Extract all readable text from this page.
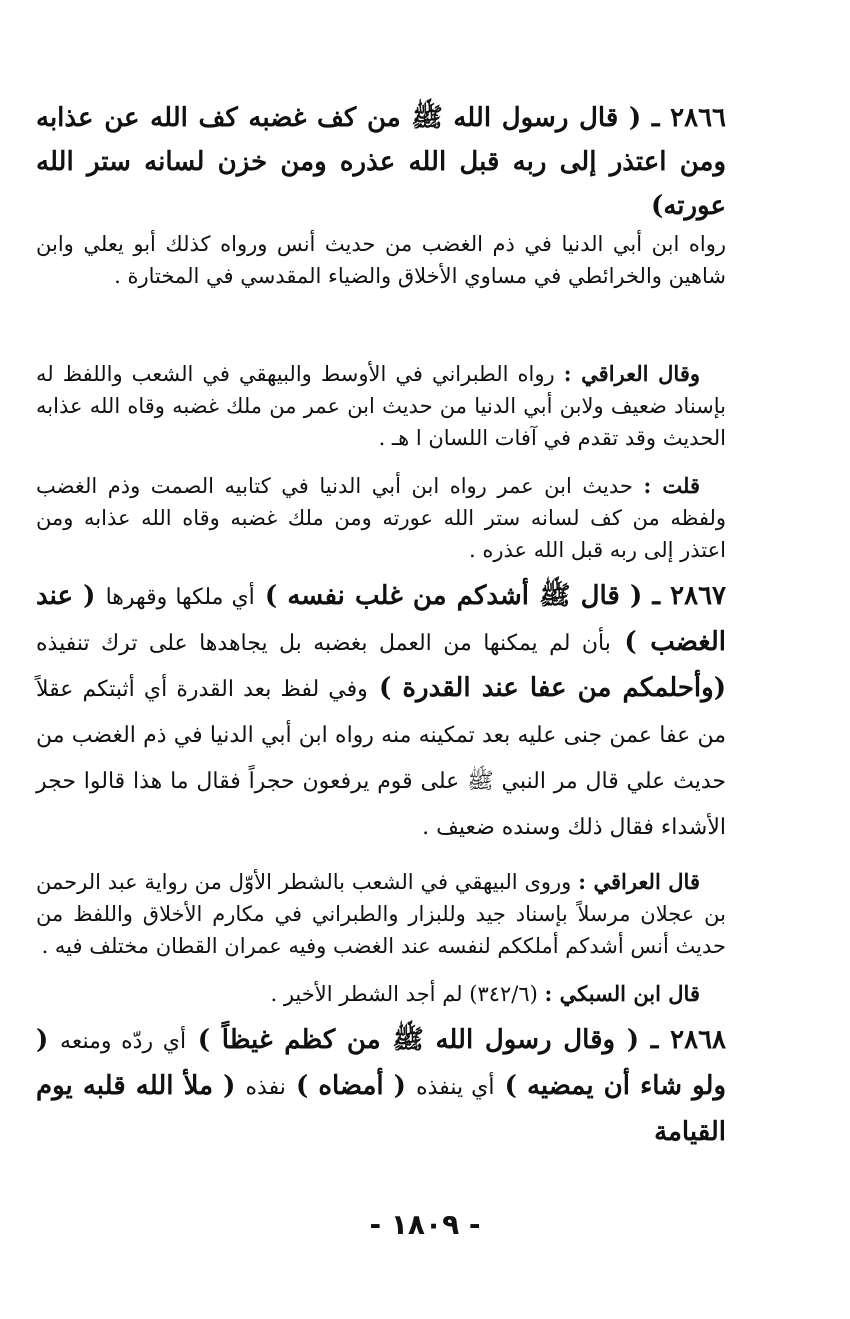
٢٨٦٦ ـ ( قال رسول الله ﷺ من كف غضبه كف الله عن عذابه ومن اعتذر إلى ربه قبل الله عذره ومن خزن لسانه ستر الله عورته)

رواه ابن أبي الدنيا في ذم الغضب من حديث أنس ورواه كذلك أبو يعلي وابن شاهين والخرائطي في مساوي الأخلاق والضياء المقدسي في المختارة .

وقال العراقي : رواه الطبراني في الأوسط والبيهقي في الشعب واللفظ له بإسناد ضعيف ولابن أبي الدنيا من حديث ابن عمر من ملك غضبه وقاه الله عذابه الحديث وقد تقدم في آفات اللسان ا هـ .

قلت : حديث ابن عمر رواه ابن أبي الدنيا في كتابيه الصمت وذم الغضب ولفظه من كف لسانه ستر الله عورته ومن ملك غضبه وقاه الله عذابه ومن اعتذر إلى ربه قبل الله عذره .

٢٨٦٧ ـ ( قال ﷺ أشدكم من غلب نفسه ) أي ملكها وقهرها ( عند الغضب ) بأن لم يمكنها من العمل بغضبه بل يجاهدها على ترك تنفيذه (وأحلمكم من عفا عند القدرة ) وفي لفظ بعد القدرة أي أثبتكم عقلاً من عفا عمن جنى عليه بعد تمكينه منه رواه ابن أبي الدنيا في ذم الغضب من حديث علي قال مر النبي ﷺ على قوم يرفعون حجراً فقال ما هذا قالوا حجر الأشداء فقال ذلك وسنده ضعيف .

قال العراقي : وروى البيهقي في الشعب بالشطر الأوّل من رواية عبد الرحمن بن عجلان مرسلاً بإسناد جيد وللبزار والطبراني في مكارم الأخلاق واللفظ من حديث أنس أشدكم أملككم لنفسه عند الغضب وفيه عمران القطان مختلف فيه .

قال ابن السبكي : (٣٤٢/٦) لم أجد الشطر الأخير .

٢٨٦٨ ـ ( وقال رسول الله ﷺ من كظم غيظاً ) أي ردّه ومنعه ( ولو شاء أن يمضيه ) أي ينفذه ( أمضاه ) نفذه ( ملأ الله قلبه يوم القيامة

- ١٨٠٩ -
